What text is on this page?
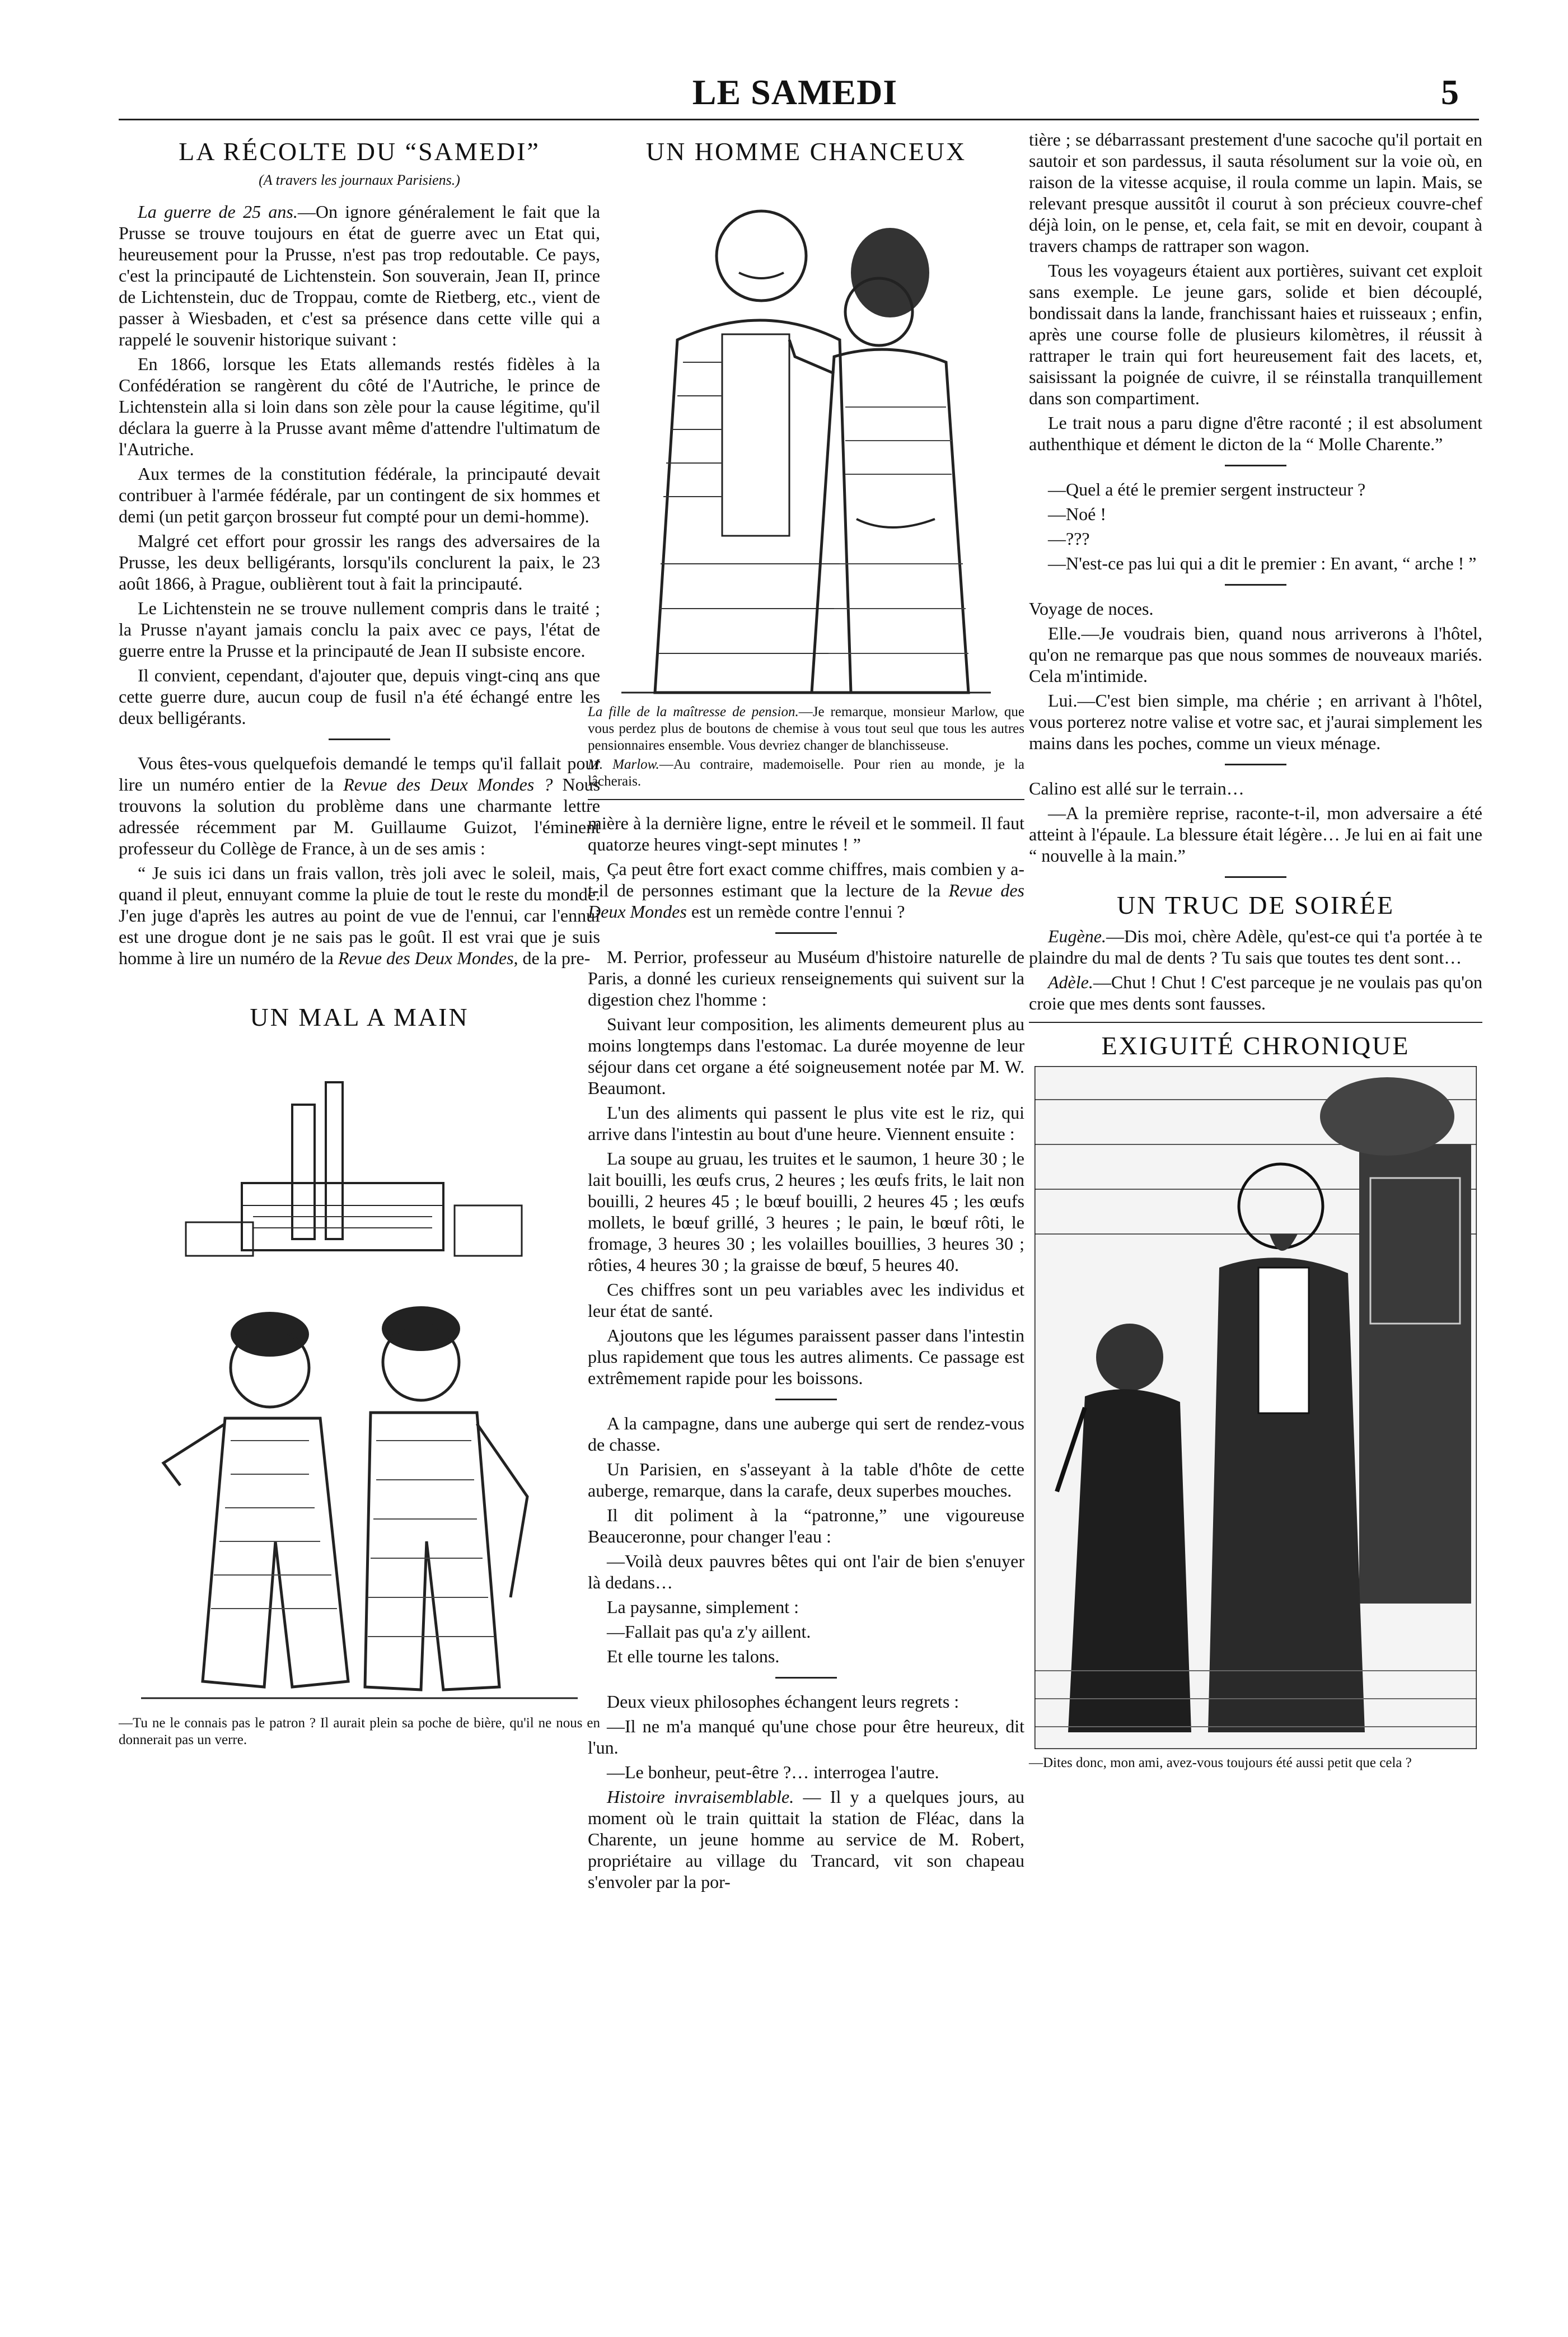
LE SAMEDI	5
LA RÉCOLTE DU “SAMEDI”
(A travers les journaux Parisiens.)

La guerre de 25 ans.—On ignore généralement le fait que la Prusse se trouve toujours en état de guerre avec un Etat qui, heureusement pour la Prusse, n'est pas trop redoutable. Ce pays, c'est la principauté de Lichtenstein. Son souverain, Jean II, prince de Lichtenstein, duc de Troppau, comte de Rietberg, etc., vient de passer à Wiesbaden, et c'est sa présence dans cette ville qui a rappelé le souvenir historique suivant :

En 1866, lorsque les Etats allemands restés fidèles à la Confédération se rangèrent du côté de l'Autriche, le prince de Lichtenstein alla si loin dans son zèle pour la cause légitime, qu'il déclara la guerre à la Prusse avant même d'attendre l'ultimatum de l'Autriche.

Aux termes de la constitution fédérale, la principauté devait contribuer à l'armée fédérale, par un contingent de six hommes et demi (un petit garçon brosseur fut compté pour un demi-homme).

Malgré cet effort pour grossir les rangs des adversaires de la Prusse, les deux belligérants, lorsqu'ils conclurent la paix, le 23 août 1866, à Prague, oublièrent tout à fait la principauté.

Le Lichtenstein ne se trouve nullement compris dans le traité ; la Prusse n'ayant jamais conclu la paix avec ce pays, l'état de guerre entre la Prusse et la principauté de Jean II subsiste encore.

Il convient, cependant, d'ajouter que, depuis vingt-cinq ans que cette guerre dure, aucun coup de fusil n'a été échangé entre les deux belligérants.

Vous êtes-vous quelquefois demandé le temps qu'il fallait pour lire un numéro entier de la Revue des Deux Mondes ? Nous trouvons la solution du problème dans une charmante lettre adressée récemment par M. Guillaume Guizot, l'éminent professeur du Collège de France, à un de ses amis :

“ Je suis ici dans un frais vallon, très joli avec le soleil, mais, quand il pleut, ennuyant comme la pluie de tout le reste du monde. J'en juge d'après les autres au point de vue de l'ennui, car l'ennui est une drogue dont je ne sais pas le goût. Il est vrai que je suis homme à lire un numéro de la Revue des Deux Mondes, de la pre-

UN MAL A MAIN
—Tu ne le connais pas le patron ? Il aurait plein sa poche de bière, qu'il ne nous en donnerait pas un verre.
UN HOMME CHANCEUX

La fille de la maîtresse de pension.—Je remarque, monsieur Marlow, que vous perdez plus de boutons de chemise à vous tout seul que tous les autres pensionnaires ensemble. Vous devriez changer de blanchisseuse.

M. Marlow.—Au contraire, mademoiselle. Pour rien au monde, je la lâcherais.

mière à la dernière ligne, entre le réveil et le sommeil. Il faut quatorze heures vingt-sept minutes ! ”

Ça peut être fort exact comme chiffres, mais combien y a-t-il de personnes estimant que la lecture de la Revue des Deux Mondes est un remède contre l'ennui ?

M. Perrior, professeur au Muséum d'histoire naturelle de Paris, a donné les curieux renseignements qui suivent sur la digestion chez l'homme :

Suivant leur composition, les aliments demeurent plus au moins longtemps dans l'estomac. La durée moyenne de leur séjour dans cet organe a été soigneusement notée par M. W. Beaumont.

L'un des aliments qui passent le plus vite est le riz, qui arrive dans l'intestin au bout d'une heure. Viennent ensuite :

La soupe au gruau, les truites et le saumon, 1 heure 30 ; le lait bouilli, les œufs crus, 2 heures ; les œufs frits, le lait non bouilli, 2 heures 45 ; le bœuf bouilli, 2 heures 45 ; les œufs mollets, le bœuf grillé, 3 heures ; le pain, le bœuf rôti, le fromage, 3 heures 30 ; les volailles bouillies, 3 heures 30 ; rôties, 4 heures 30 ; la graisse de bœuf, 5 heures 40.

Ces chiffres sont un peu variables avec les individus et leur état de santé.

Ajoutons que les légumes paraissent passer dans l'intestin plus rapidement que tous les autres aliments. Ce passage est extrêmement rapide pour les boissons.

A la campagne, dans une auberge qui sert de rendez-vous de chasse.

Un Parisien, en s'asseyant à la table d'hôte de cette auberge, remarque, dans la carafe, deux superbes mouches.

Il dit poliment à la “patronne,” une vigoureuse Beauceronne, pour changer l'eau :

—Voilà deux pauvres bêtes qui ont l'air de bien s'enuyer là dedans…

La paysanne, simplement :

—Fallait pas qu'a z'y aillent.

Et elle tourne les talons.

Deux vieux philosophes échangent leurs regrets :

—Il ne m'a manqué qu'une chose pour être heureux, dit l'un.

—Le bonheur, peut-être ?… interrogea l'autre.

Histoire invraisemblable. — Il y a quelques jours, au moment où le train quittait la station de Fléac, dans la Charente, un jeune homme au service de M. Robert, propriétaire au village du Trancard, vit son chapeau s'envoler par la por-

tière ; se débarrassant prestement d'une sacoche qu'il portait en sautoir et son pardessus, il sauta résolument sur la voie où, en raison de la vitesse acquise, il roula comme un lapin. Mais, se relevant presque aussitôt il courut à son précieux couvre-chef déjà loin, on le pense, et, cela fait, se mit en devoir, coupant à travers champs de rattraper son wagon.

Tous les voyageurs étaient aux portières, suivant cet exploit sans exemple. Le jeune gars, solide et bien découplé, bondissait dans la lande, franchissant haies et ruisseaux ; enfin, après une course folle de plusieurs kilomètres, il réussit à rattraper le train qui fort heureusement fait des lacets, et, saisissant la poignée de cuivre, il se réinstalla tranquillement dans son compartiment.

Le trait nous a paru digne d'être raconté ; il est absolument authenthique et dément le dicton de la “ Molle Charente.”

—Quel a été le premier sergent instructeur ?

—Noé !

—???

—N'est-ce pas lui qui a dit le premier : En avant, “ arche ! ”

Voyage de noces.

Elle.—Je voudrais bien, quand nous arriverons à l'hôtel, qu'on ne remarque pas que nous sommes de nouveaux mariés. Cela m'intimide.

Lui.—C'est bien simple, ma chérie ; en arrivant à l'hôtel, vous porterez notre valise et votre sac, et j'aurai simplement les mains dans les poches, comme un vieux ménage.

Calino est allé sur le terrain…

—A la première reprise, raconte-t-il, mon adversaire a été atteint à l'épaule. La blessure était légère… Je lui en ai fait une “ nouvelle à la main.”

UN TRUC DE SOIRÉE

Eugène.—Dis moi, chère Adèle, qu'est-ce qui t'a portée à te plaindre du mal de dents ? Tu sais que toutes tes dent sont…

Adèle.—Chut ! Chut ! C'est parceque je ne voulais pas qu'on croie que mes dents sont fausses.

EXIGUITÉ CHRONIQUE
—Dites donc, mon ami, avez-vous toujours été aussi petit que cela ?
